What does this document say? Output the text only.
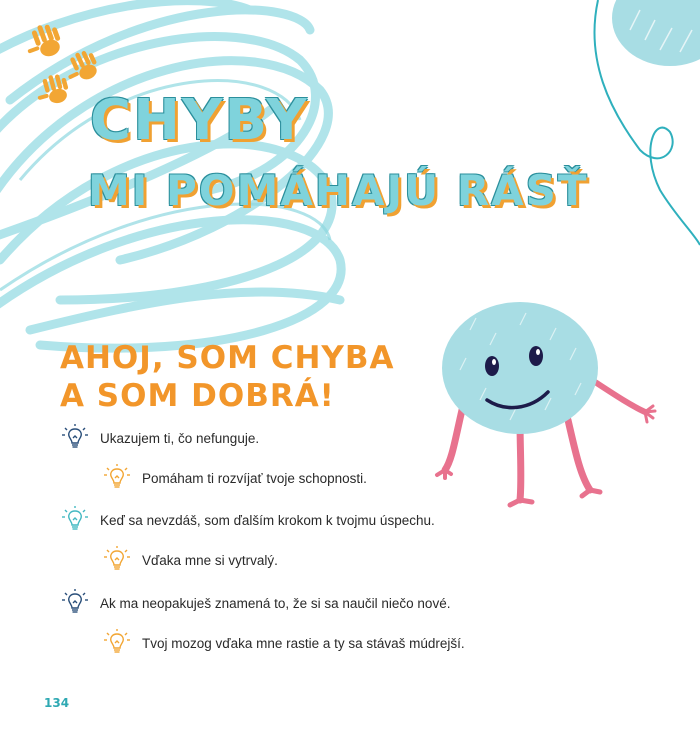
CHYBY
MI POMÁHAJÚ RÁSŤ
AHOJ, SOM CHYBA
A SOM DOBRÁ!
Ukazujem ti, čo nefunguje.
Pomáham ti rozvíjať tvoje schopnosti.
Keď sa nevzdáš, som ďalším krokom k tvojmu úspechu.
Vďaka mne si vytrvalý.
Ak ma neopakuješ znamená to, že si sa naučil niečo nové.
Tvoj mozog vďaka mne rastie a ty sa stávaš múdrejší.
134
